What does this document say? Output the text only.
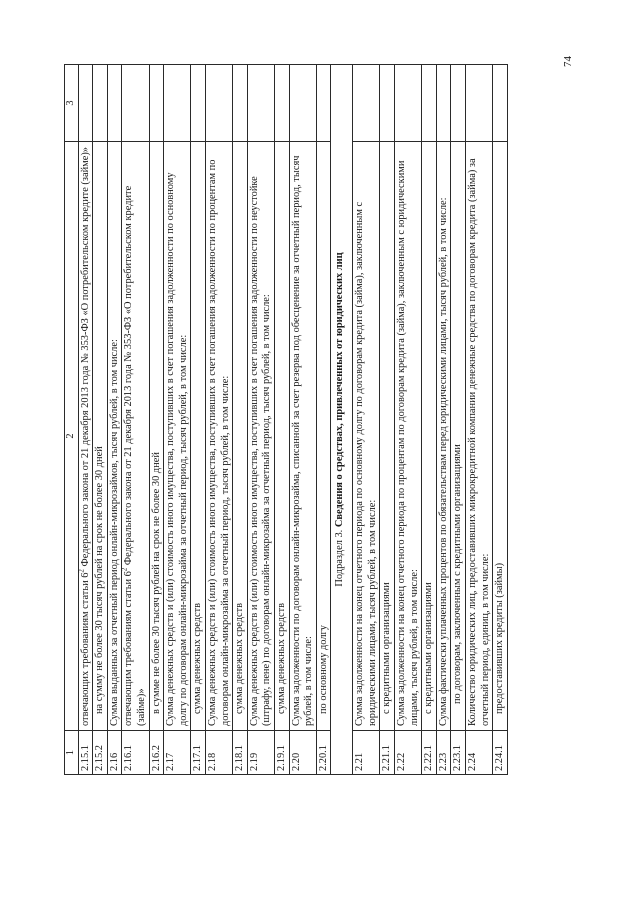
74
1	2	3
2.15.1	отвечающих требованиям статьи $6^2$ Федерального закона от 21 декабря 2013 года № 353-ФЗ «О потребительском кредите (займе)»	
2.15.2	на сумму не более 30 тысяч рублей на срок не более 30 дней	
2.16	Сумма выданных за отчетный период онлайн-микрозаймов, тысяч рублей, в том числе:	
2.16.1	отвечающим требованиям статьи $6^2$ Федерального закона от 21 декабря 2013 года № 353-ФЗ «О потребительском кредите (займе)»	
2.16.2	в сумме не более 30 тысяч рублей на срок не более 30 дней	
2.17	Сумма денежных средств и (или) стоимость иного имущества, поступивших в счет погашения задолженности по основному долгу по договорам онлайн-микрозайма за отчетный период, тысяч рублей, в том числе:	
2.17.1	сумма денежных средств	
2.18	Сумма денежных средств и (или) стоимость иного имущества, поступивших в счет погашения задолженности по процентам по договорам онлайн-микрозайма за отчетный период, тысяч рублей, в том числе:	
2.18.1	сумма денежных средств	
2.19	Сумма денежных средств и (или) стоимость иного имущества, поступивших в счет погашения задолженности по неустойке (штрафу, пене) по договорам онлайн-микрозайма за отчетный период, тысяч рублей, в том числе:	
2.19.1	сумма денежных средств	
2.20	Сумма задолженности по договорам онлайн-микрозайма, списанной за счет резерва под обесценение за отчетный период, тысяч рублей, в том числе:	
2.20.1	по основному долгу	
Подраздел 3. Сведения о средствах, привлеченных от юридических лиц		
2.21	Сумма задолженности на конец отчетного периода по основному долгу по договорам кредита (займа), заключенным с юридическими лицами, тысяч рублей, в том числе:	
2.21.1	с кредитными организациями	
2.22	Сумма задолженности на конец отчетного периода по процентам по договорам кредита (займа), заключенным с юридическими лицами, тысяч рублей, в том числе:	
2.22.1	с кредитными организациями	
2.23	Сумма фактически уплаченных процентов по обязательствам перед юридическими лицами, тысяч рублей, в том числе:	
2.23.1	по договорам, заключенным с кредитными организациями	
2.24	Количество юридических лиц, предоставивших микрокредитной компании денежные средства по договорам кредита (займа) за отчетный период, единиц, в том числе:	
2.24.1	предоставивших кредиты (займы)	
